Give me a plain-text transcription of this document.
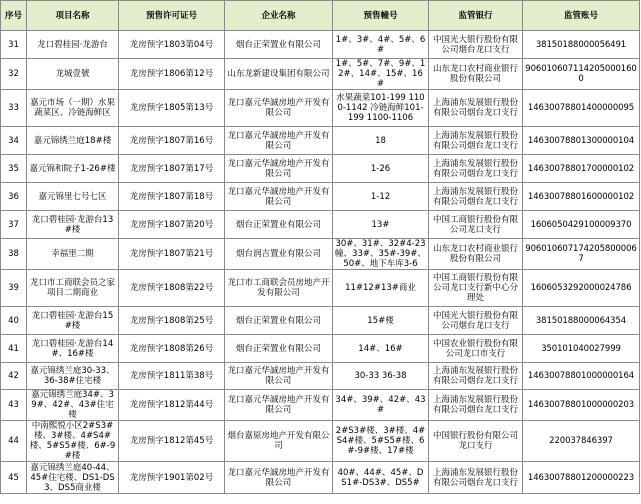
序号	项目名称	预售许可证号	企业名称	预售幢号	监管银行	监管账号
31	龙口碧桂园·龙游台	龙房预字1803第04号	烟台正荣置业有限公司	1#、3#、4#、5#、6#	中国光大银行股份有限公司烟台龙口支行	38150188000056491
32	龙城壹號	龙房预字1806第12号	山东龙新建设集团有限公司	1#、5#、7#、9#、12#、14#、15#、16#	山东龙口农村商业银行股份有限公司	9060106071142050001600
33	嘉元市场（一期）水果蔬菜区、冷链海鲜区	龙房预字1805第13号	龙口嘉元华誠房地产开发有限公司	水果蔬菜101-199 1100-1142 冷链海鲜101-199 1100-1106	上海浦东发展银行股份有限公司烟台龙口支行	14630078801400000095
34	嘉元锦绣兰庭18#楼	龙房预字1807第16号	龙口嘉元华誠房地产开发有限公司	18	上海浦东发展银行股份有限公司烟台龙口支行	14630078801300000104
35	嘉元锦和院子1-26#楼	龙房预字1807第17号	龙口嘉元华誠房地产开发有限公司	1-26	上海浦东发展银行股份有限公司烟台龙口支行	14630078801700000102
36	嘉元锦里七号七区	龙房预字1807第18号	龙口嘉元华誠房地产开发有限公司	1-12	上海浦东发展银行股份有限公司烟台龙口支行	14630078801600000102
37	龙口碧桂园·龙游台13#楼	龙房预字1807第20号	烟台正荣置业有限公司	13#	中国工商银行股份有限公司龙口支行	1606050429100009370
38	幸福里二期	龙房预字1807第21号	烟台润吉置业有限公司	30#、31#、32#4-23幢、33#、35#-39#、50#、地下车库3-6	山东龙口农村商业银行股份有限公司	9060106071742058000067
39	龙口市工商联会员之家项目二期商业	龙房预字1808第22号	龙口市工商联会员房地产开发有限公司	11#12#13#商业	中国工商银行股份有限公司龙口支行新中心分理处	1606053292000024786
40	龙口碧桂园·龙游台15#楼	龙房预字1808第25号	烟台正荣置业有限公司	15#楼	中国光大银行股份有限公司烟台龙口支行	38150188000064354
41	龙口碧桂园·龙游台14#、16#楼	龙房预字1808第26号	烟台正荣置业有限公司	14#、16#	中国农业银行股份有限公司龙口市支行	350101040027999
42	嘉元锦绣兰庭30-33、36-38#住宅楼	龙房预字1811第38号	龙口嘉元华誠房地产开发有限公司	30-33 36-38	上海浦东发展银行股份有限公司烟台龙口支行	14630078801000000164
43	嘉元锦绣兰庭34#、39#、42#、43#住宅楼	龙房预字1812第44号	龙口嘉元华誠房地产开发有限公司	34#、39#、42#、43#	上海浦东发展银行股份有限公司烟台龙口支行	14630078801000000203
44	中南熙悦小区2#S3#楼、3#楼、4#S4#楼、5#S5#楼、6#-9#楼	龙房预字1812第45号	烟台嘉原房地产开发有限公司	2#S3#楼、3#楼、4#S4#楼、5#S5#楼、6#-9#楼、17#楼	中国银行股份有限公司龙口支行	220037846397
45	嘉元锦绣兰庭40-44、45#住宅楼、DS1-DS3、DS5商业楼	龙房预字1901第02号	龙口嘉元华誠房地产开发有限公司	40#、44#、45#、DS1#-DS3#、DS5#	上海浦东发展银行股份有限公司烟台龙口支行	14630078801200000223
